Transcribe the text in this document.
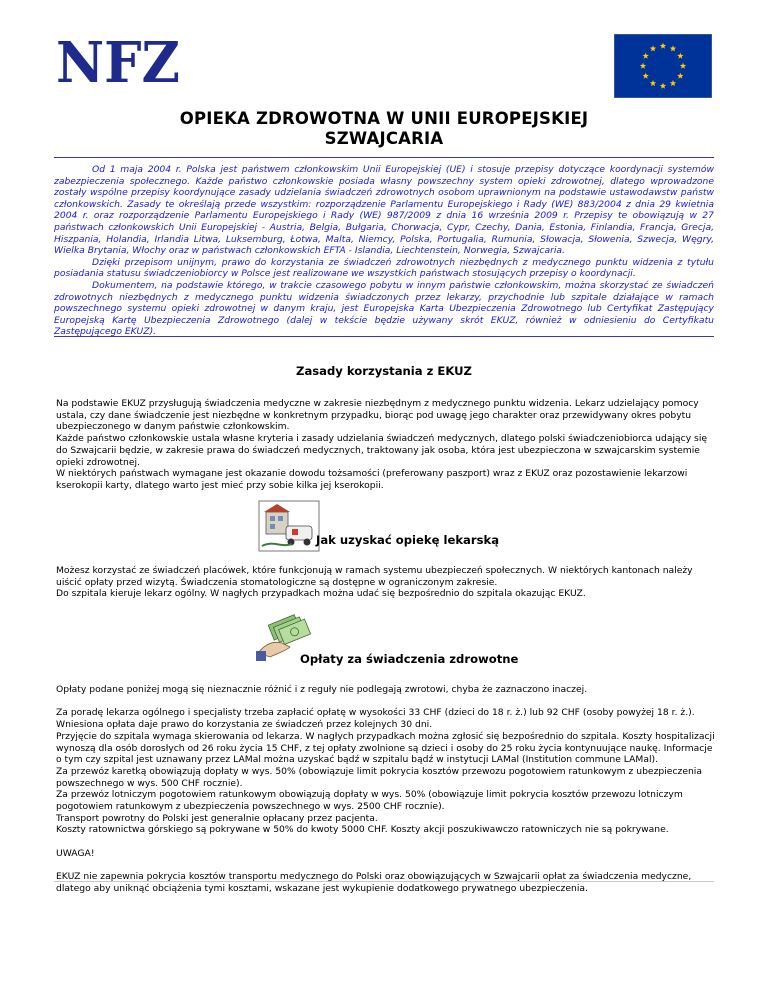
NFZ
OPIEKA ZDROWOTNA W UNII EUROPEJSKIEJ
SZWAJCARIA

Od 1 maja 2004 r. Polska jest państwem członkowskim Unii Europejskiej (UE) i stosuje przepisy dotyczące koordynacji systemów zabezpieczenia społecznego. Każde państwo członkowskie posiada własny powszechny system opieki zdrowotnej, dlatego wprowadzone zostały wspólne przepisy koordynujące zasady udzielania świadczeń zdrowotnych osobom uprawnionym na podstawie ustawodawstw państw członkowskich. Zasady te określają przede wszystkim: rozporządzenie Parlamentu Europejskiego i Rady (WE) 883/2004 z dnia 29 kwietnia 2004 r. oraz rozporządzenie Parlamentu Europejskiego i Rady (WE) 987/2009 z dnia 16 września 2009 r. Przepisy te obowiązują w 27 państwach członkowskich Unii Europejskiej - Austria, Belgia, Bułgaria, Chorwacja, Cypr, Czechy, Dania, Estonia, Finlandia, Francja, Grecja, Hiszpania, Holandia, Irlandia Litwa, Luksemburg, Łotwa, Malta, Niemcy, Polska, Portugalia, Rumunia, Słowacja, Słowenia, Szwecja, Węgry, Wielka Brytania, Włochy oraz w państwach członkowskich EFTA - Islandia, Liechtenstein, Norwegia, Szwajcaria.

Dzięki przepisom unijnym, prawo do korzystania ze świadczeń zdrowotnych niezbędnych z medycznego punktu widzenia z tytułu posiadania statusu świadczeniobiorcy w Polsce jest realizowane we wszystkich państwach stosujących przepisy o koordynacji.

Dokumentem, na podstawie którego, w trakcie czasowego pobytu w innym państwie członkowskim, można skorzystać ze świadczeń zdrowotnych niezbędnych z medycznego punktu widzenia świadczonych przez lekarzy, przychodnie lub szpitale działające w ramach powszechnego systemu opieki zdrowotnej w danym kraju, jest Europejska Karta Ubezpieczenia Zdrowotnego lub Certyfikat Zastępujący Europejską Kartę Ubezpieczenia Zdrowotnego (dalej w tekście będzie używany skrót EKUZ, również w odniesieniu do Certyfikatu Zastępującego EKUZ).

Zasady korzystania z EKUZ

Na podstawie EKUZ przysługują świadczenia medyczne w zakresie niezbędnym z medycznego punktu widzenia. Lekarz udzielający pomocy ustala, czy dane świadczenie jest niezbędne w konkretnym przypadku, biorąc pod uwagę jego charakter oraz przewidywany okres pobytu ubezpieczonego w danym państwie członkowskim.

Każde państwo członkowskie ustala własne kryteria i zasady udzielania świadczeń medycznych, dlatego polski świadczeniobiorca udający się do Szwajcarii będzie, w zakresie prawa do świadczeń medycznych, traktowany jak osoba, która jest ubezpieczona w szwajcarskim systemie opieki zdrowotnej.

W niektórych państwach wymagane jest okazanie dowodu tożsamości (preferowany paszport) wraz z EKUZ oraz pozostawienie lekarzowi kserokopii karty, dlatego warto jest mieć przy sobie kilka jej kserokopii.

Jak uzyskać opiekę lekarską

Możesz korzystać ze świadczeń placówek, które funkcjonują w ramach systemu ubezpieczeń społecznych. W niektórych kantonach należy uiścić opłaty przed wizytą. Świadczenia stomatologiczne są dostępne w ograniczonym zakresie.

Do szpitala kieruje lekarz ogólny. W nagłych przypadkach można udać się bezpośrednio do szpitala okazując EKUZ.

Opłaty za świadczenia zdrowotne

Opłaty podane poniżej mogą się nieznacznie różnić i z reguły nie podlegają zwrotowi, chyba że zaznaczono inaczej.

Za poradę lekarza ogólnego i specjalisty trzeba zapłacić opłatę w wysokości 33 CHF (dzieci do 18 r. ż.) lub 92 CHF (osoby powyżej 18 r. ż.).

Wniesiona opłata daje prawo do korzystania ze świadczeń przez kolejnych 30 dni.

Przyjęcie do szpitala wymaga skierowania od lekarza. W nagłych przypadkach można zgłosić się bezpośrednio do szpitala. Koszty hospitalizacji wynoszą dla osób dorosłych od 26 roku życia 15 CHF, z tej opłaty zwolnione są dzieci i osoby do 25 roku życia kontynuujące naukę. Informacje o tym czy szpital jest uznawany przez LAMal można uzyskać bądź w szpitalu bądź w instytucji LAMal (Institution commune LAMal).

Za przewóz karetką obowiązują dopłaty w wys. 50% (obowiązuje limit pokrycia kosztów przewozu pogotowiem ratunkowym z ubezpieczenia powszechnego w wys. 500 CHF rocznie).

Za przewóz lotniczym pogotowiem ratunkowym obowiązują dopłaty w wys. 50% (obowiązuje limit pokrycia kosztów przewozu lotniczym pogotowiem ratunkowym z ubezpieczenia powszechnego w wys. 2500 CHF rocznie).

Transport powrotny do Polski jest generalnie opłacany przez pacjenta.

Koszty ratownictwa górskiego są pokrywane w 50% do kwoty 5000 CHF. Koszty akcji poszukiwawczo ratowniczych nie są pokrywane.

UWAGA!

EKUZ nie zapewnia pokrycia kosztów transportu medycznego do Polski oraz obowiązujących w Szwajcarii opłat za świadczenia medyczne, dlatego aby uniknąć obciążenia tymi kosztami, wskazane jest wykupienie dodatkowego prywatnego ubezpieczenia.
